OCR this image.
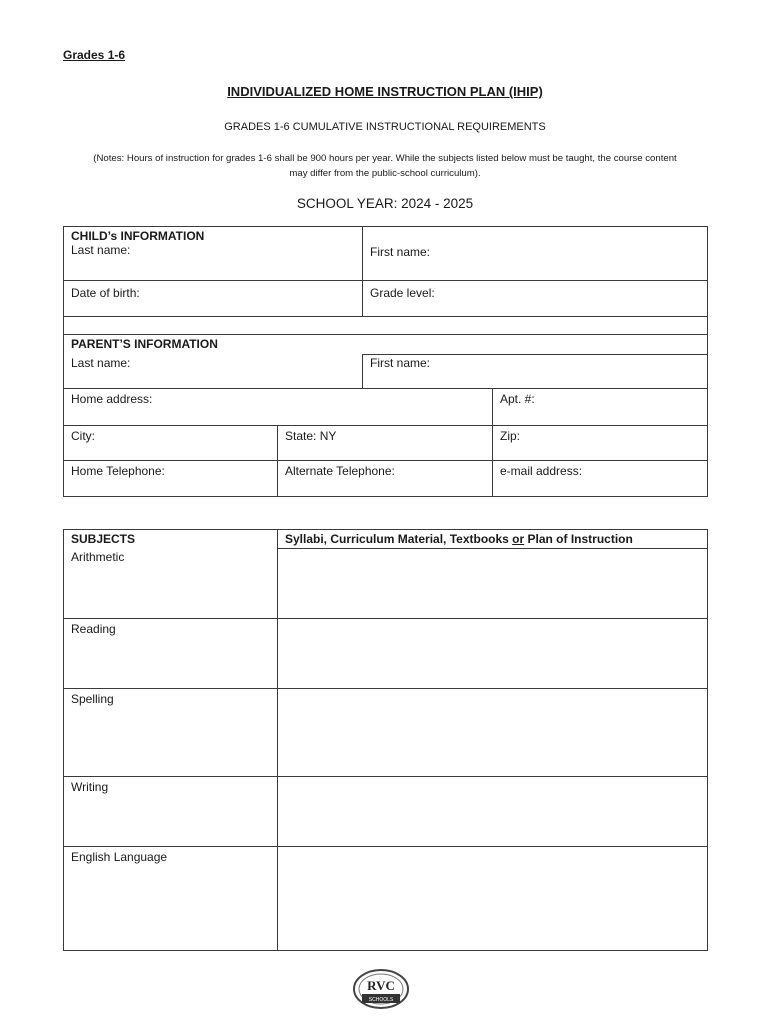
Grades 1-6
INDIVIDUALIZED HOME INSTRUCTION PLAN (IHIP)
GRADES 1-6 CUMULATIVE INSTRUCTIONAL REQUIREMENTS
(Notes: Hours of instruction for grades 1-6 shall be 900 hours per year. While the subjects listed below must be taught, the course content
may differ from the public-school curriculum).
SCHOOL YEAR: 2024 - 2025
CHILD’s INFORMATION
Last name:	First name:

Date of birth:	Grade level:

PARENT’S INFORMATION			

Last name:		First name:	

Home address:			Apt. #:

City:	State: NY		Zip:

Home Telephone:	Alternate Telephone:		e-mail address:
SUBJECTS	Syllabi, Curriculum Material, Textbooks or Plan of Instruction

Arithmetic	

Reading	

Spelling	

Writing	

English Language	

RVC
SCHOOLS
